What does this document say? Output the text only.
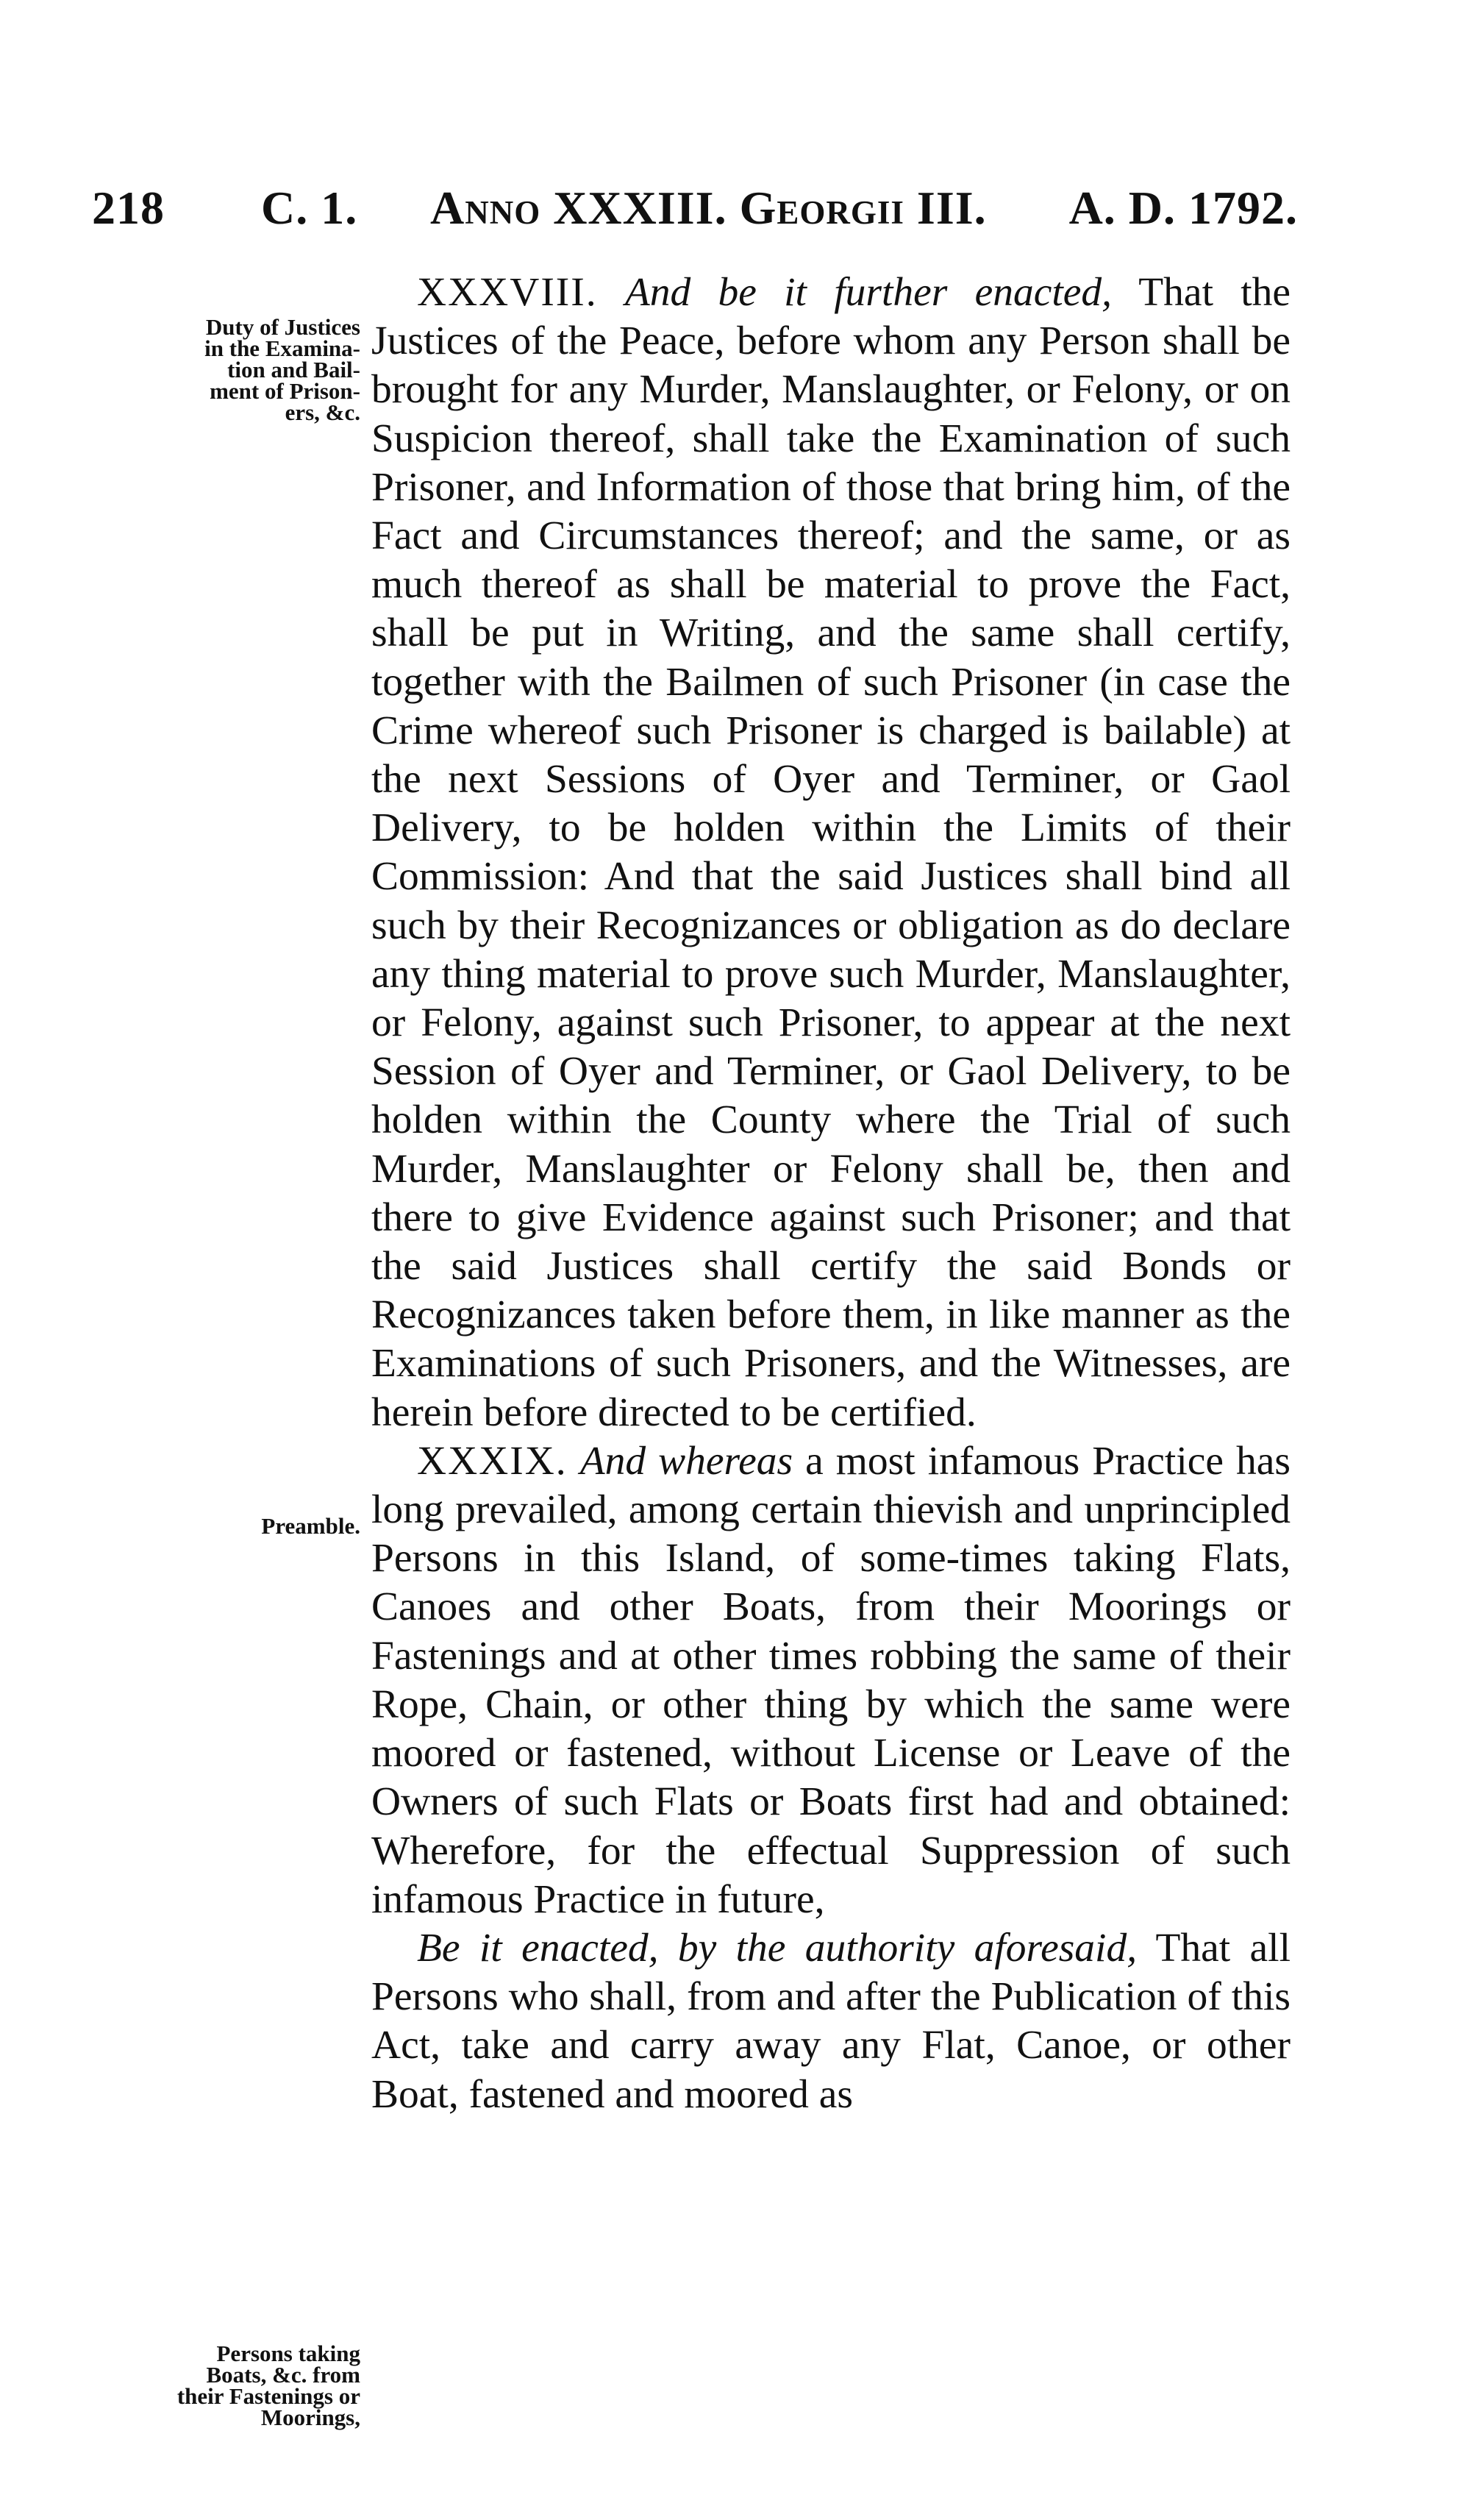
218 C. 1. Anno XXXIII. Georgii III. A. D. 1792.
Duty of Justices
in the Examina-
tion and Bail-
ment of Prison-
ers, &c.
Preamble.
Persons taking
Boats, &c. from
their Fastenings or
Moorings,

XXXVIII. And be it further enacted, That the Justices of the Peace, before whom any Person shall be brought for any Murder, Manslaughter, or Felony, or on Suspicion thereof, shall take the Examination of such Prisoner, and Information of those that bring him, of the Fact and Circumstances thereof; and the same, or as much thereof as shall be material to prove the Fact, shall be put in Writing, and the same shall certify, together with the Bailmen of such Prisoner (in case the Crime whereof such Prisoner is charged is bailable) at the next Sessions of Oyer and Terminer, or Gaol Delivery, to be holden within the Limits of their Commission: And that the said Justices shall bind all such by their Recognizances or obligation as do declare any thing material to prove such Murder, Manslaughter, or Felony, against such Prisoner, to appear at the next Session of Oyer and Terminer, or Gaol Delivery, to be holden within the County where the Trial of such Murder, Manslaughter or Felony shall be, then and there to give Evidence against such Prisoner; and that the said Justices shall certify the said Bonds or Recognizances taken before them, in like manner as the Examinations of such Prisoners, and the Witnesses, are herein before directed to be certified.

XXXIX. And whereas a most infamous Practice has long prevailed, among certain thievish and unprincipled Persons in this Island, of some-times taking Flats, Canoes and other Boats, from their Moorings or Fastenings and at other times robbing the same of their Rope, Chain, or other thing by which the same were moored or fastened, without License or Leave of the Owners of such Flats or Boats first had and obtained: Wherefore, for the effectual Suppression of such infamous Practice in future,

Be it enacted, by the authority aforesaid, That all Persons who shall, from and after the Publication of this Act, take and carry away any Flat, Canoe, or other Boat, fastened and moored as
